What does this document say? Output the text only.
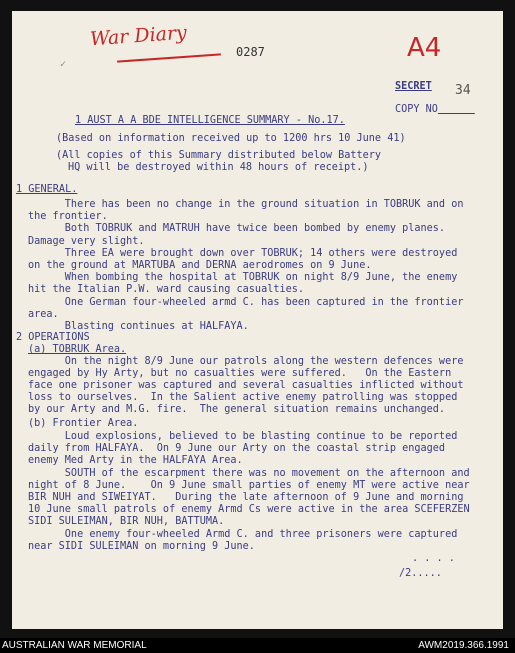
War Diary	A4
0287
✓
SECRET 34
COPY NO
1 AUST A A BDE INTELLIGENCE SUMMARY - No.17.
(Based on information received up to 1200 hrs 10 June 41)
(All copies of this Summary distributed below Battery
HQ will be destroyed within 48 hours of receipt.)
1 GENERAL.
There has been no change in the ground situation in TOBRUK and on
the frontier.
Both TOBRUK and MATRUH have twice been bombed by enemy planes.
Damage very slight.
Three EA were brought down over TOBRUK; 14 others were destroyed
on the ground at MARTUBA and DERNA aerodromes on 9 June.
When bombing the hospital at TOBRUK on night 8/9 June, the enemy
hit the Italian P.W. ward causing casualties.
One German four-wheeled armd C. has been captured in the frontier
area.
Blasting continues at HALFAYA.
2 OPERATIONS
(a) TOBRUK Area.
On the night 8/9 June our patrols along the western defences were
engaged by Hy Arty, but no casualties were suffered.   On the Eastern
face one prisoner was captured and several casualties inflicted without
loss to ourselves.  In the Salient active enemy patrolling was stopped
by our Arty and M.G. fire.  The general situation remains unchanged.
(b) Frontier Area.
Loud explosions, believed to be blasting continue to be reported
daily from HALFAYA.  On 9 June our Arty on the coastal strip engaged
enemy Med Arty in the HALFAYA Area.
SOUTH of the escarpment there was no movement on the afternoon and
night of 8 June.    On 9 June small parties of enemy MT were active near
BIR NUH and SIWEIYAT.   During the late afternoon of 9 June and morning
10 June small patrols of enemy Armd Cs were active in the area SCEFERZEN
SIDI SULEIMAN, BIR NUH, BATTUMA.
One enemy four-wheeled Armd C. and three prisoners were captured
near SIDI SULEIMAN on morning 9 June.
. . . .
/2.....
AUSTRALIAN WAR MEMORIAL	AWM2019.366.1991
